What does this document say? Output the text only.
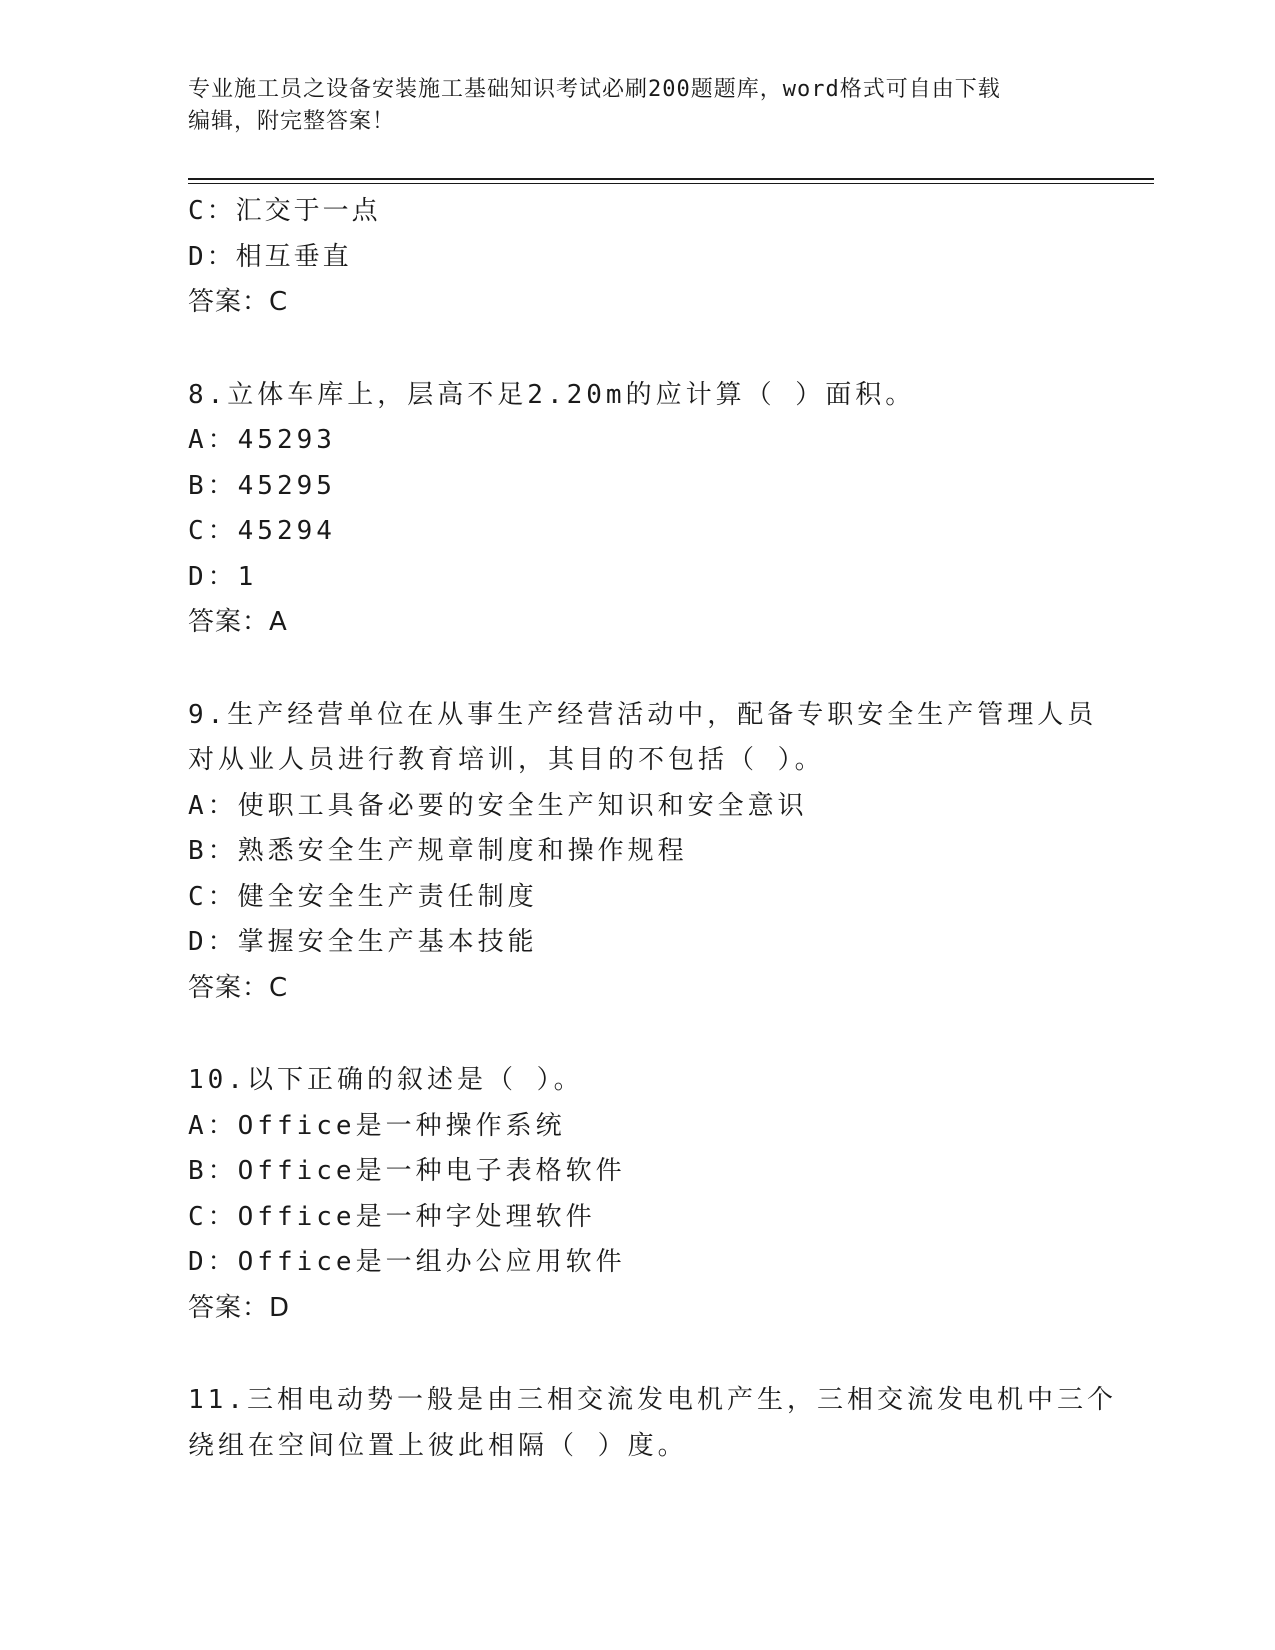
专业施工员之设备安装施工基础知识考试必刷200题题库，word格式可自由下载
编辑，附完整答案！
C：汇交于一点
D：相互垂直
答案：C
8.立体车库上，层高不足2.20m的应计算（ ）面积。
A：45293
B：45295
C：45294
D：1
答案：A
9.生产经营单位在从事生产经营活动中，配备专职安全生产管理人员
对从业人员进行教育培训，其目的不包括（ ）。
A：使职工具备必要的安全生产知识和安全意识
B：熟悉安全生产规章制度和操作规程
C：健全安全生产责任制度
D：掌握安全生产基本技能
答案：C
10.以下正确的叙述是（ ）。
A：Office是一种操作系统
B：Office是一种电子表格软件
C：Office是一种字处理软件
D：Office是一组办公应用软件
答案：D
11.三相电动势一般是由三相交流发电机产生，三相交流发电机中三个
绕组在空间位置上彼此相隔（ ）度。
